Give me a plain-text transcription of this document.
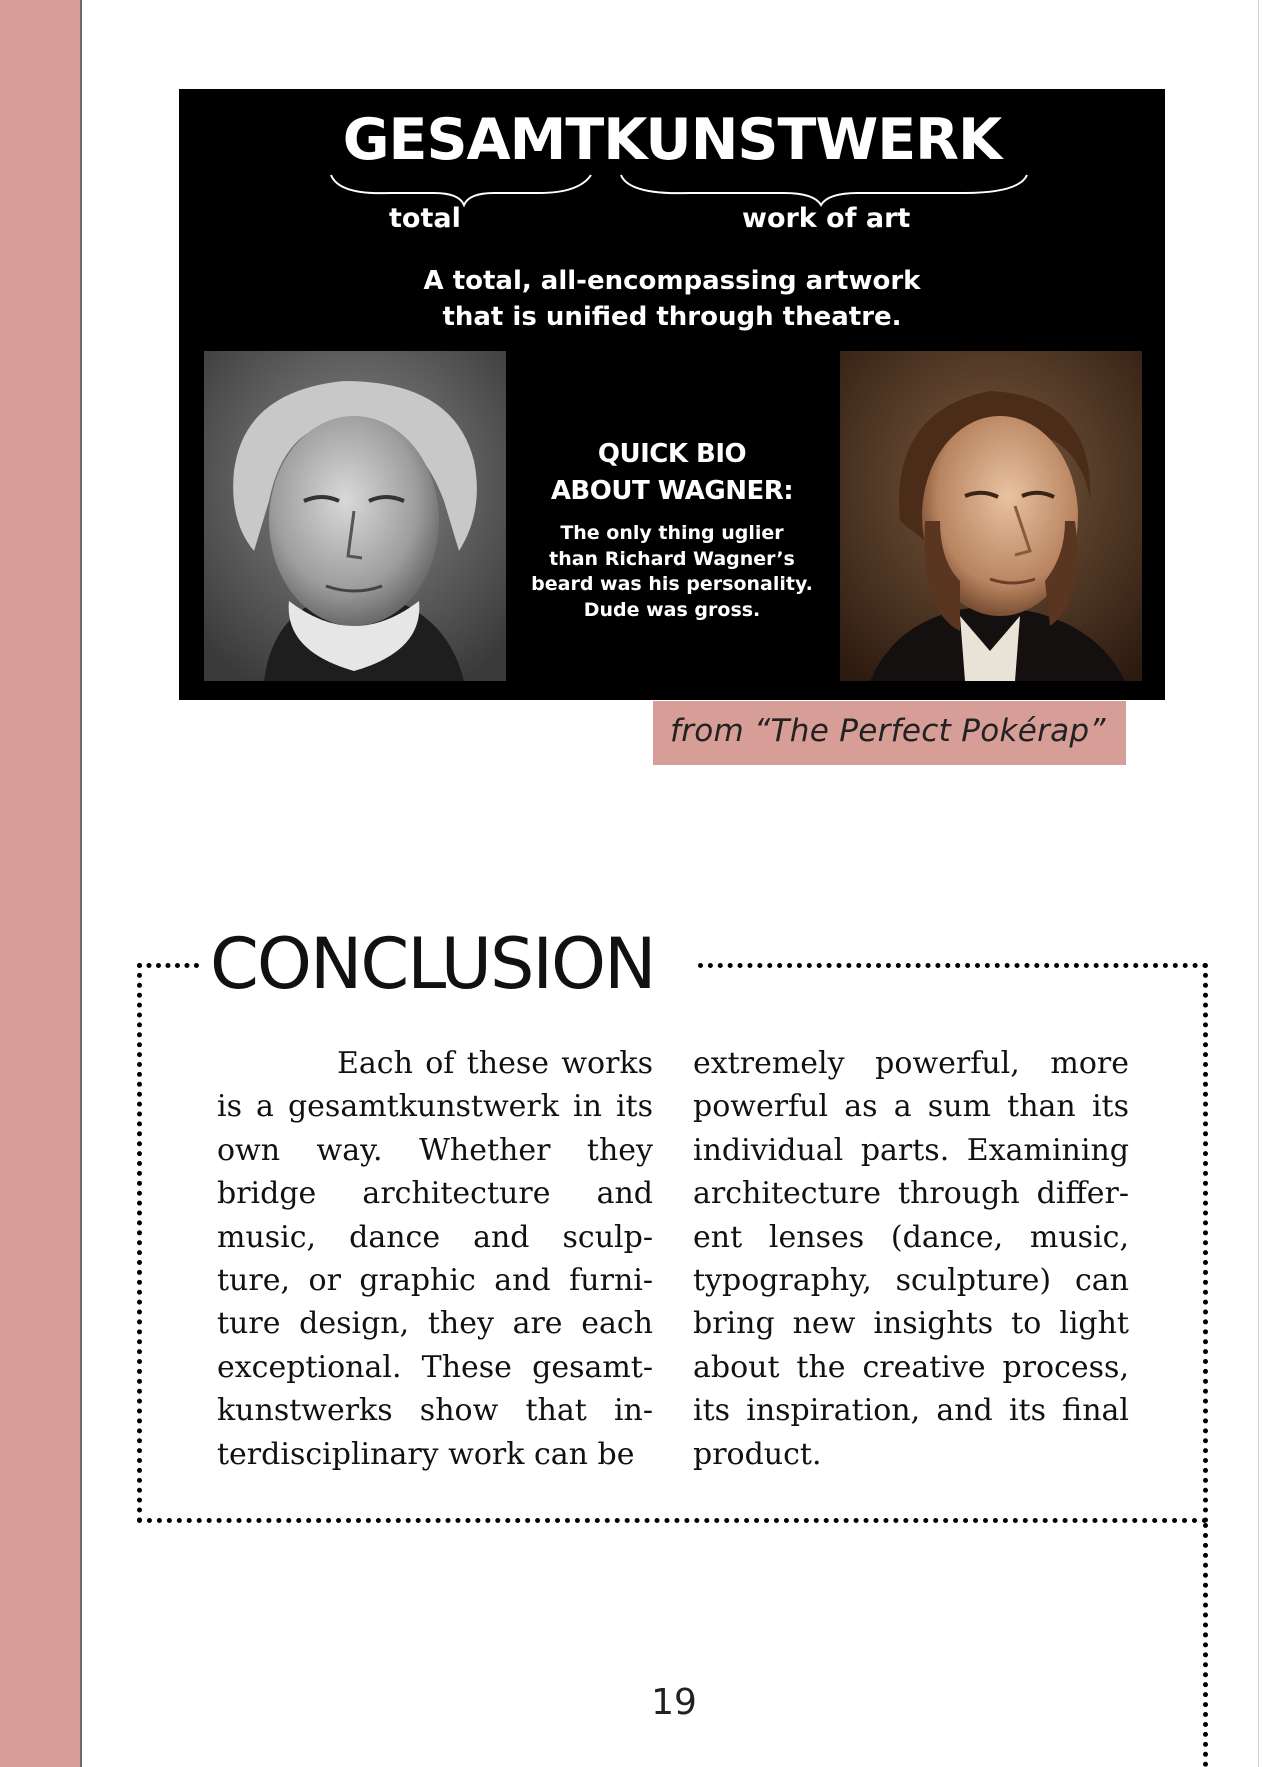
GESAMTKUNSTWERK
total	work of art
A total, all-encompassing artwork
that is unified through theatre.
QUICK BIO
ABOUT WAGNER:
The only thing uglier
than Richard Wagner’s
beard was his personality.
Dude was gross.
from “The Perfect Pokérap”
CONCLUSION

Each of these works is a gesamtkunstwerk in its own way. Whether they bridge architecture and music, dance and sculp- ture, or graphic and furni- ture design, they are each exceptional. These gesamt- kunstwerks show that in- terdisciplinary work can be

extremely powerful, more powerful as a sum than its individual parts. Examining architecture through differ- ent lenses (dance, music, typography, sculpture) can bring new insights to light about the creative process, its inspiration, and its final product.

19
